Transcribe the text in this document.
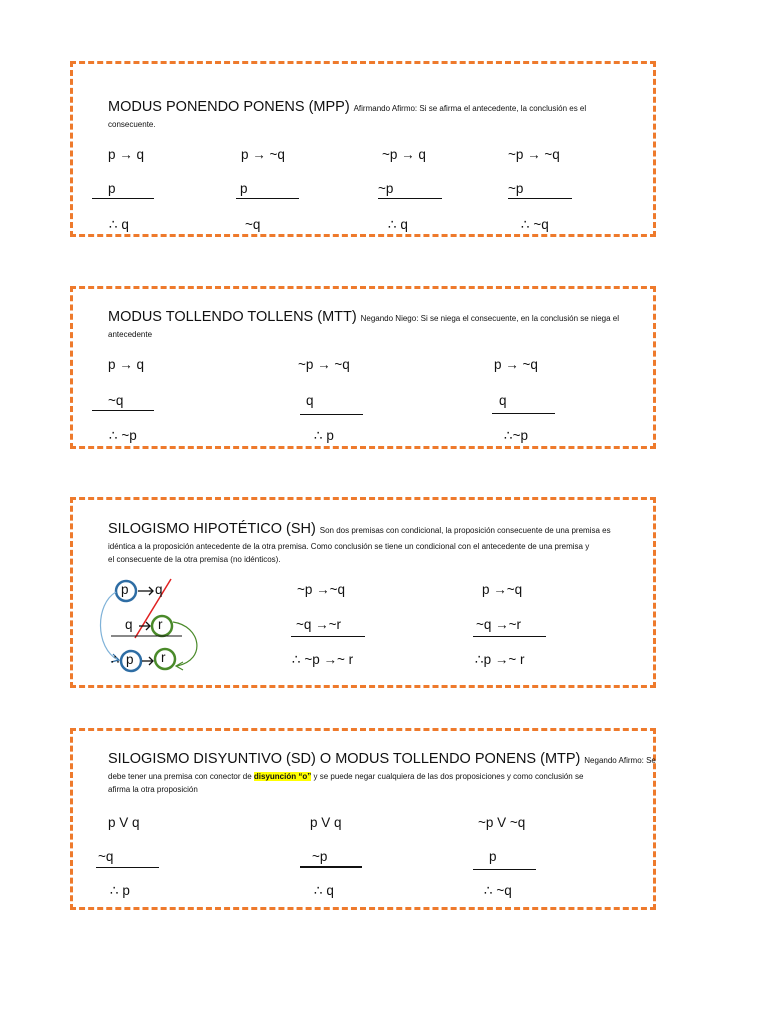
MODUS PONENDO PONENS (MPP) Afirmando Afirmo: Si se afirma el antecedente, la conclusión es el
consecuente.
p → q
p
∴ q
p → ~q
p
~q
~p → q
~p
∴ q
~p → ~q
~p
∴ ~q
MODUS TOLLENDO TOLLENS (MTT) Negando Niego: Si se niega el consecuente, en la conclusión se niega el
antecedente
p → q
~q
∴ ~p
~p → ~q
q
∴ p
p → ~q
q
∴~p
SILOGISMO HIPOTÉTICO (SH) Son dos premisas con condicional, la proposición consecuente de una premisa es
idéntica a la proposición antecedente de la otra premisa. Como conclusión se tiene un condicional con el antecedente de una premisa y
el consecuente de la otra premisa (no idénticos).
p q
q r
∴ p r
~p →~q
~q →~r
∴ ~p →~ r
p →~q
~q →~r
∴p →~ r
SILOGISMO DISYUNTIVO (SD) O MODUS TOLLENDO PONENS (MTP) Negando Afirmo: Se
debe tener una premisa con conector de disyunción “o” y se puede negar cualquiera de las dos proposiciones y como conclusión se
afirma la otra proposición
p V q
~q
∴ p
p V q
~p
∴ q
~p V ~q
p
∴ ~q
